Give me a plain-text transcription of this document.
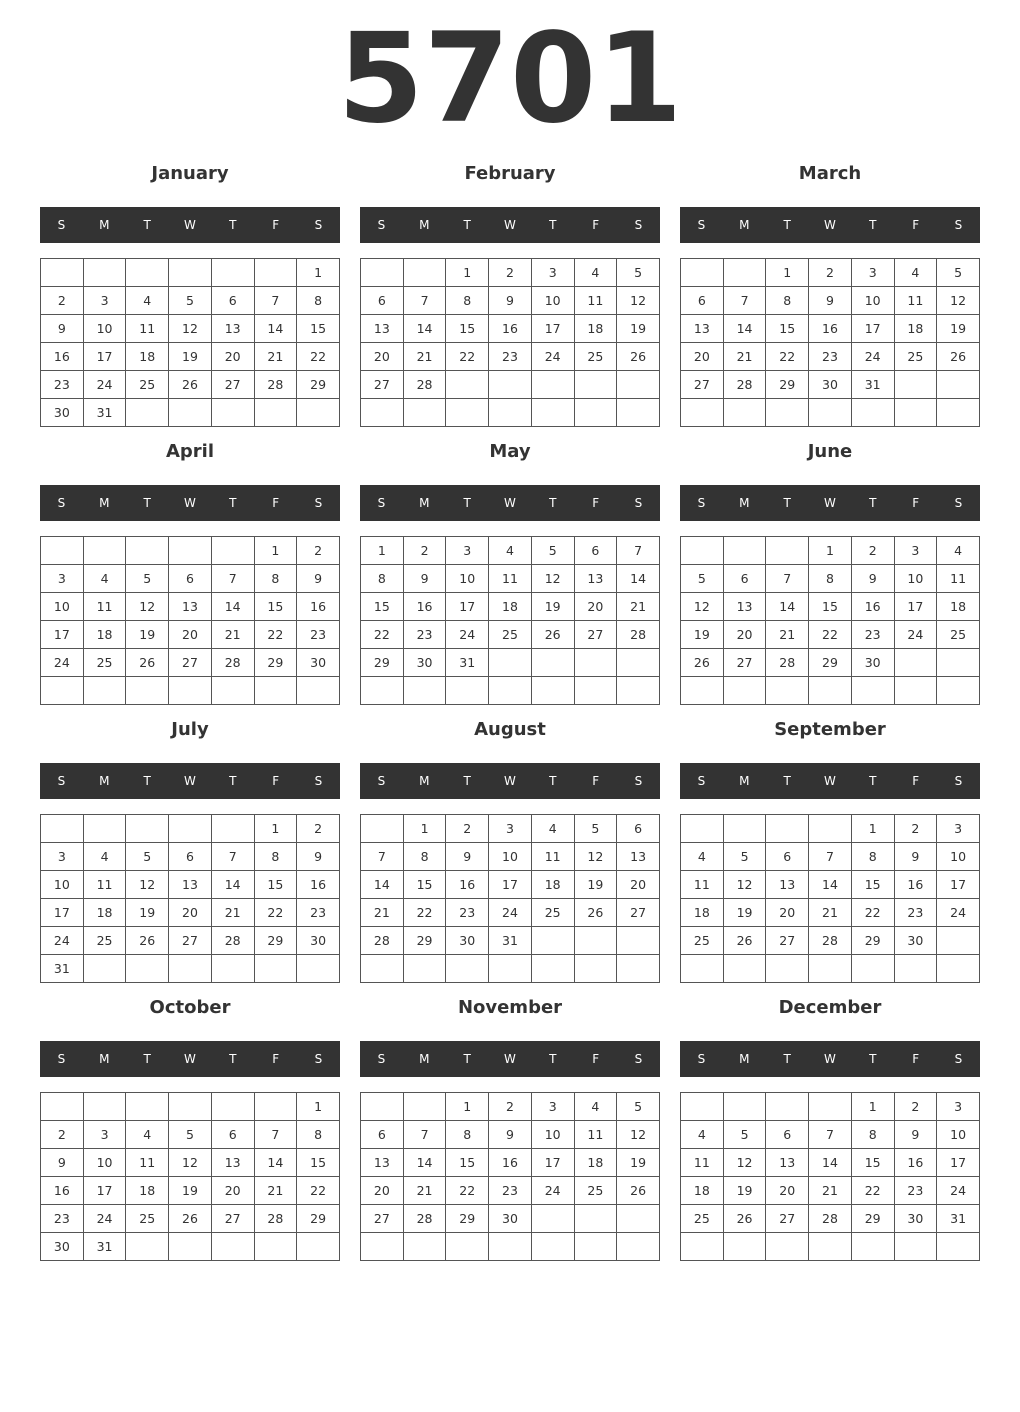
5701
January
S	M	T	W	T	F	S
						1
2	3	4	5	6	7	8
9	10	11	12	13	14	15
16	17	18	19	20	21	22
23	24	25	26	27	28	29
30	31					
February
S	M	T	W	T	F	S
		1	2	3	4	5
6	7	8	9	10	11	12
13	14	15	16	17	18	19
20	21	22	23	24	25	26
27	28					

March
S	M	T	W	T	F	S
		1	2	3	4	5
6	7	8	9	10	11	12
13	14	15	16	17	18	19
20	21	22	23	24	25	26
27	28	29	30	31		

April
S	M	T	W	T	F	S
					1	2
3	4	5	6	7	8	9
10	11	12	13	14	15	16
17	18	19	20	21	22	23
24	25	26	27	28	29	30

May
S	M	T	W	T	F	S
1	2	3	4	5	6	7
8	9	10	11	12	13	14
15	16	17	18	19	20	21
22	23	24	25	26	27	28
29	30	31				

June
S	M	T	W	T	F	S
			1	2	3	4
5	6	7	8	9	10	11
12	13	14	15	16	17	18
19	20	21	22	23	24	25
26	27	28	29	30		

July
S	M	T	W	T	F	S
					1	2
3	4	5	6	7	8	9
10	11	12	13	14	15	16
17	18	19	20	21	22	23
24	25	26	27	28	29	30
31						
August
S	M	T	W	T	F	S
	1	2	3	4	5	6
7	8	9	10	11	12	13
14	15	16	17	18	19	20
21	22	23	24	25	26	27
28	29	30	31			

September
S	M	T	W	T	F	S
				1	2	3
4	5	6	7	8	9	10
11	12	13	14	15	16	17
18	19	20	21	22	23	24
25	26	27	28	29	30	

October
S	M	T	W	T	F	S
						1
2	3	4	5	6	7	8
9	10	11	12	13	14	15
16	17	18	19	20	21	22
23	24	25	26	27	28	29
30	31					
November
S	M	T	W	T	F	S
		1	2	3	4	5
6	7	8	9	10	11	12
13	14	15	16	17	18	19
20	21	22	23	24	25	26
27	28	29	30			

December
S	M	T	W	T	F	S
				1	2	3
4	5	6	7	8	9	10
11	12	13	14	15	16	17
18	19	20	21	22	23	24
25	26	27	28	29	30	31
